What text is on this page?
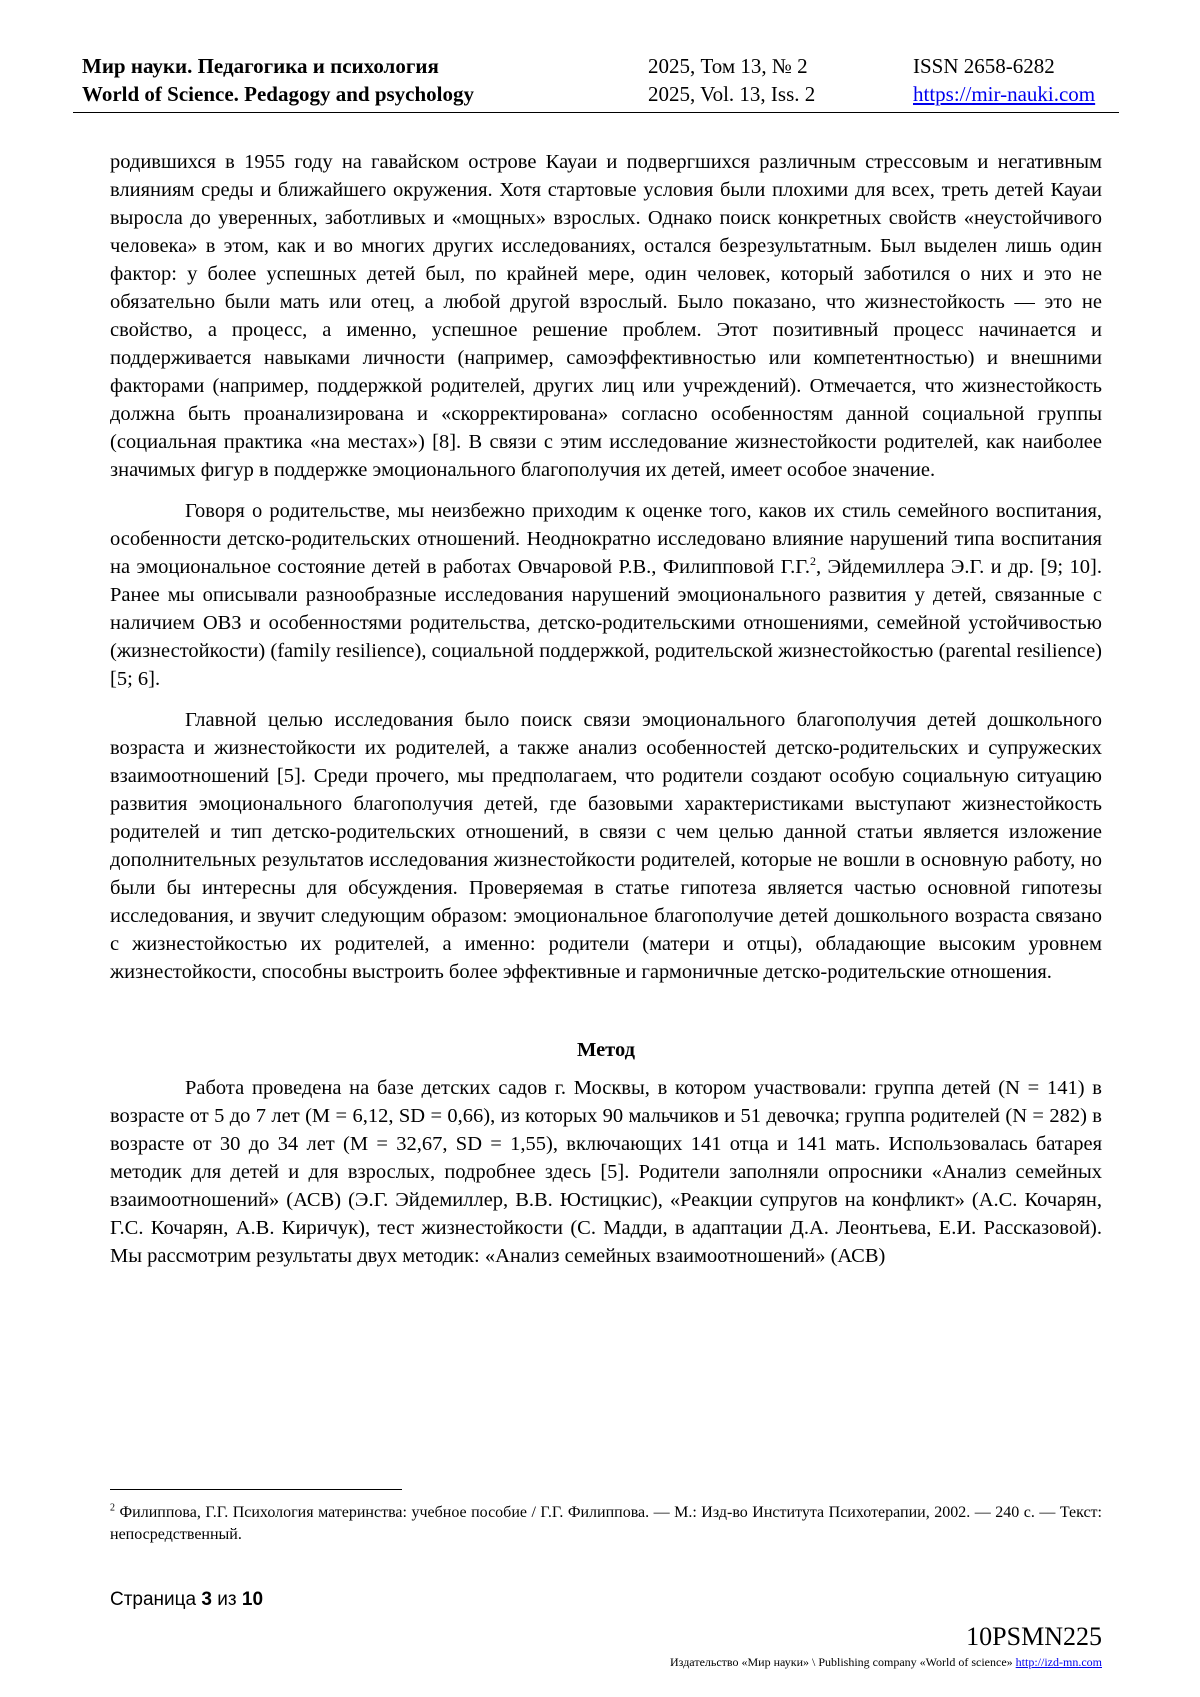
Мир науки. Педагогика и психология
World of Science. Pedagogy and psychology
2025, Том 13, № 2
2025, Vol. 13, Iss. 2
ISSN 2658-6282
https://mir-nauki.com

родившихся в 1955 году на гавайском острове Кауаи и подвергшихся различным стрессовым и негативным влияниям среды и ближайшего окружения. Хотя стартовые условия были плохими для всех, треть детей Кауаи выросла до уверенных, заботливых и «мощных» взрослых. Однако поиск конкретных свойств «неустойчивого человека» в этом, как и во многих других исследованиях, остался безрезультатным. Был выделен лишь один фактор: у более успешных детей был, по крайней мере, один человек, который заботился о них и это не обязательно были мать или отец, а любой другой взрослый. Было показано, что жизнестойкость — это не свойство, а процесс, а именно, успешное решение проблем. Этот позитивный процесс начинается и поддерживается навыками личности (например, самоэффективностью или компетентностью) и внешними факторами (например, поддержкой родителей, других лиц или учреждений). Отмечается, что жизнестойкость должна быть проанализирована и «скорректирована» согласно особенностям данной социальной группы (социальная практика «на местах») [8]. В связи с этим исследование жизнестойкости родителей, как наиболее значимых фигур в поддержке эмоционального благополучия их детей, имеет особое значение.

Говоря о родительстве, мы неизбежно приходим к оценке того, каков их стиль семейного воспитания, особенности детско-родительских отношений. Неоднократно исследовано влияние нарушений типа воспитания на эмоциональное состояние детей в работах Овчаровой Р.В., Филипповой Г.Г.$^2$, Эйдемиллера Э.Г. и др. [9; 10]. Ранее мы описывали разнообразные исследования нарушений эмоционального развития у детей, связанные с наличием ОВЗ и особенностями родительства, детско-родительскими отношениями, семейной устойчивостью (жизнестойкости) (family resilience), социальной поддержкой, родительской жизнестойкостью (parental resilience) [5; 6].

Главной целью исследования было поиск связи эмоционального благополучия детей дошкольного возраста и жизнестойкости их родителей, а также анализ особенностей детско-родительских и супружеских взаимоотношений [5]. Среди прочего, мы предполагаем, что родители создают особую социальную ситуацию развития эмоционального благополучия детей, где базовыми характеристиками выступают жизнестойкость родителей и тип детско-родительских отношений, в связи с чем целью данной статьи является изложение дополнительных результатов исследования жизнестойкости родителей, которые не вошли в основную работу, но были бы интересны для обсуждения. Проверяемая в статье гипотеза является частью основной гипотезы исследования, и звучит следующим образом: эмоциональное благополучие детей дошкольного возраста связано с жизнестойкостью их родителей, а именно: родители (матери и отцы), обладающие высоким уровнем жизнестойкости, способны выстроить более эффективные и гармоничные детско-родительские отношения.

Метод

Работа проведена на базе детских садов г. Москвы, в котором участвовали: группа детей (N = 141) в возрасте от 5 до 7 лет (M = 6,12, SD = 0,66), из которых 90 мальчиков и 51 девочка; группа родителей (N = 282) в возрасте от 30 до 34 лет (M = 32,67, SD = 1,55), включающих 141 отца и 141 мать. Использовалась батарея методик для детей и для взрослых, подробнее здесь [5]. Родители заполняли опросники «Анализ семейных взаимоотношений» (АСВ) (Э.Г. Эйдемиллер, В.В. Юстицкис), «Реакции супругов на конфликт» (А.С. Кочарян, Г.С. Кочарян, А.В. Киричук), тест жизнестойкости (С. Мадди, в адаптации Д.А. Леонтьева, Е.И. Рассказовой). Мы рассмотрим результаты двух методик: «Анализ семейных взаимоотношений» (АСВ)

$^2$ Филиппова, Г.Г. Психология материнства: учебное пособие / Г.Г. Филиппова. — М.: Изд-во Института Психотерапии, 2002. — 240 с. — Текст: непосредственный.
Страница 3 из 10
10PSMN225
Издательство «Мир науки» \ Publishing company «World of science» http://izd-mn.com
